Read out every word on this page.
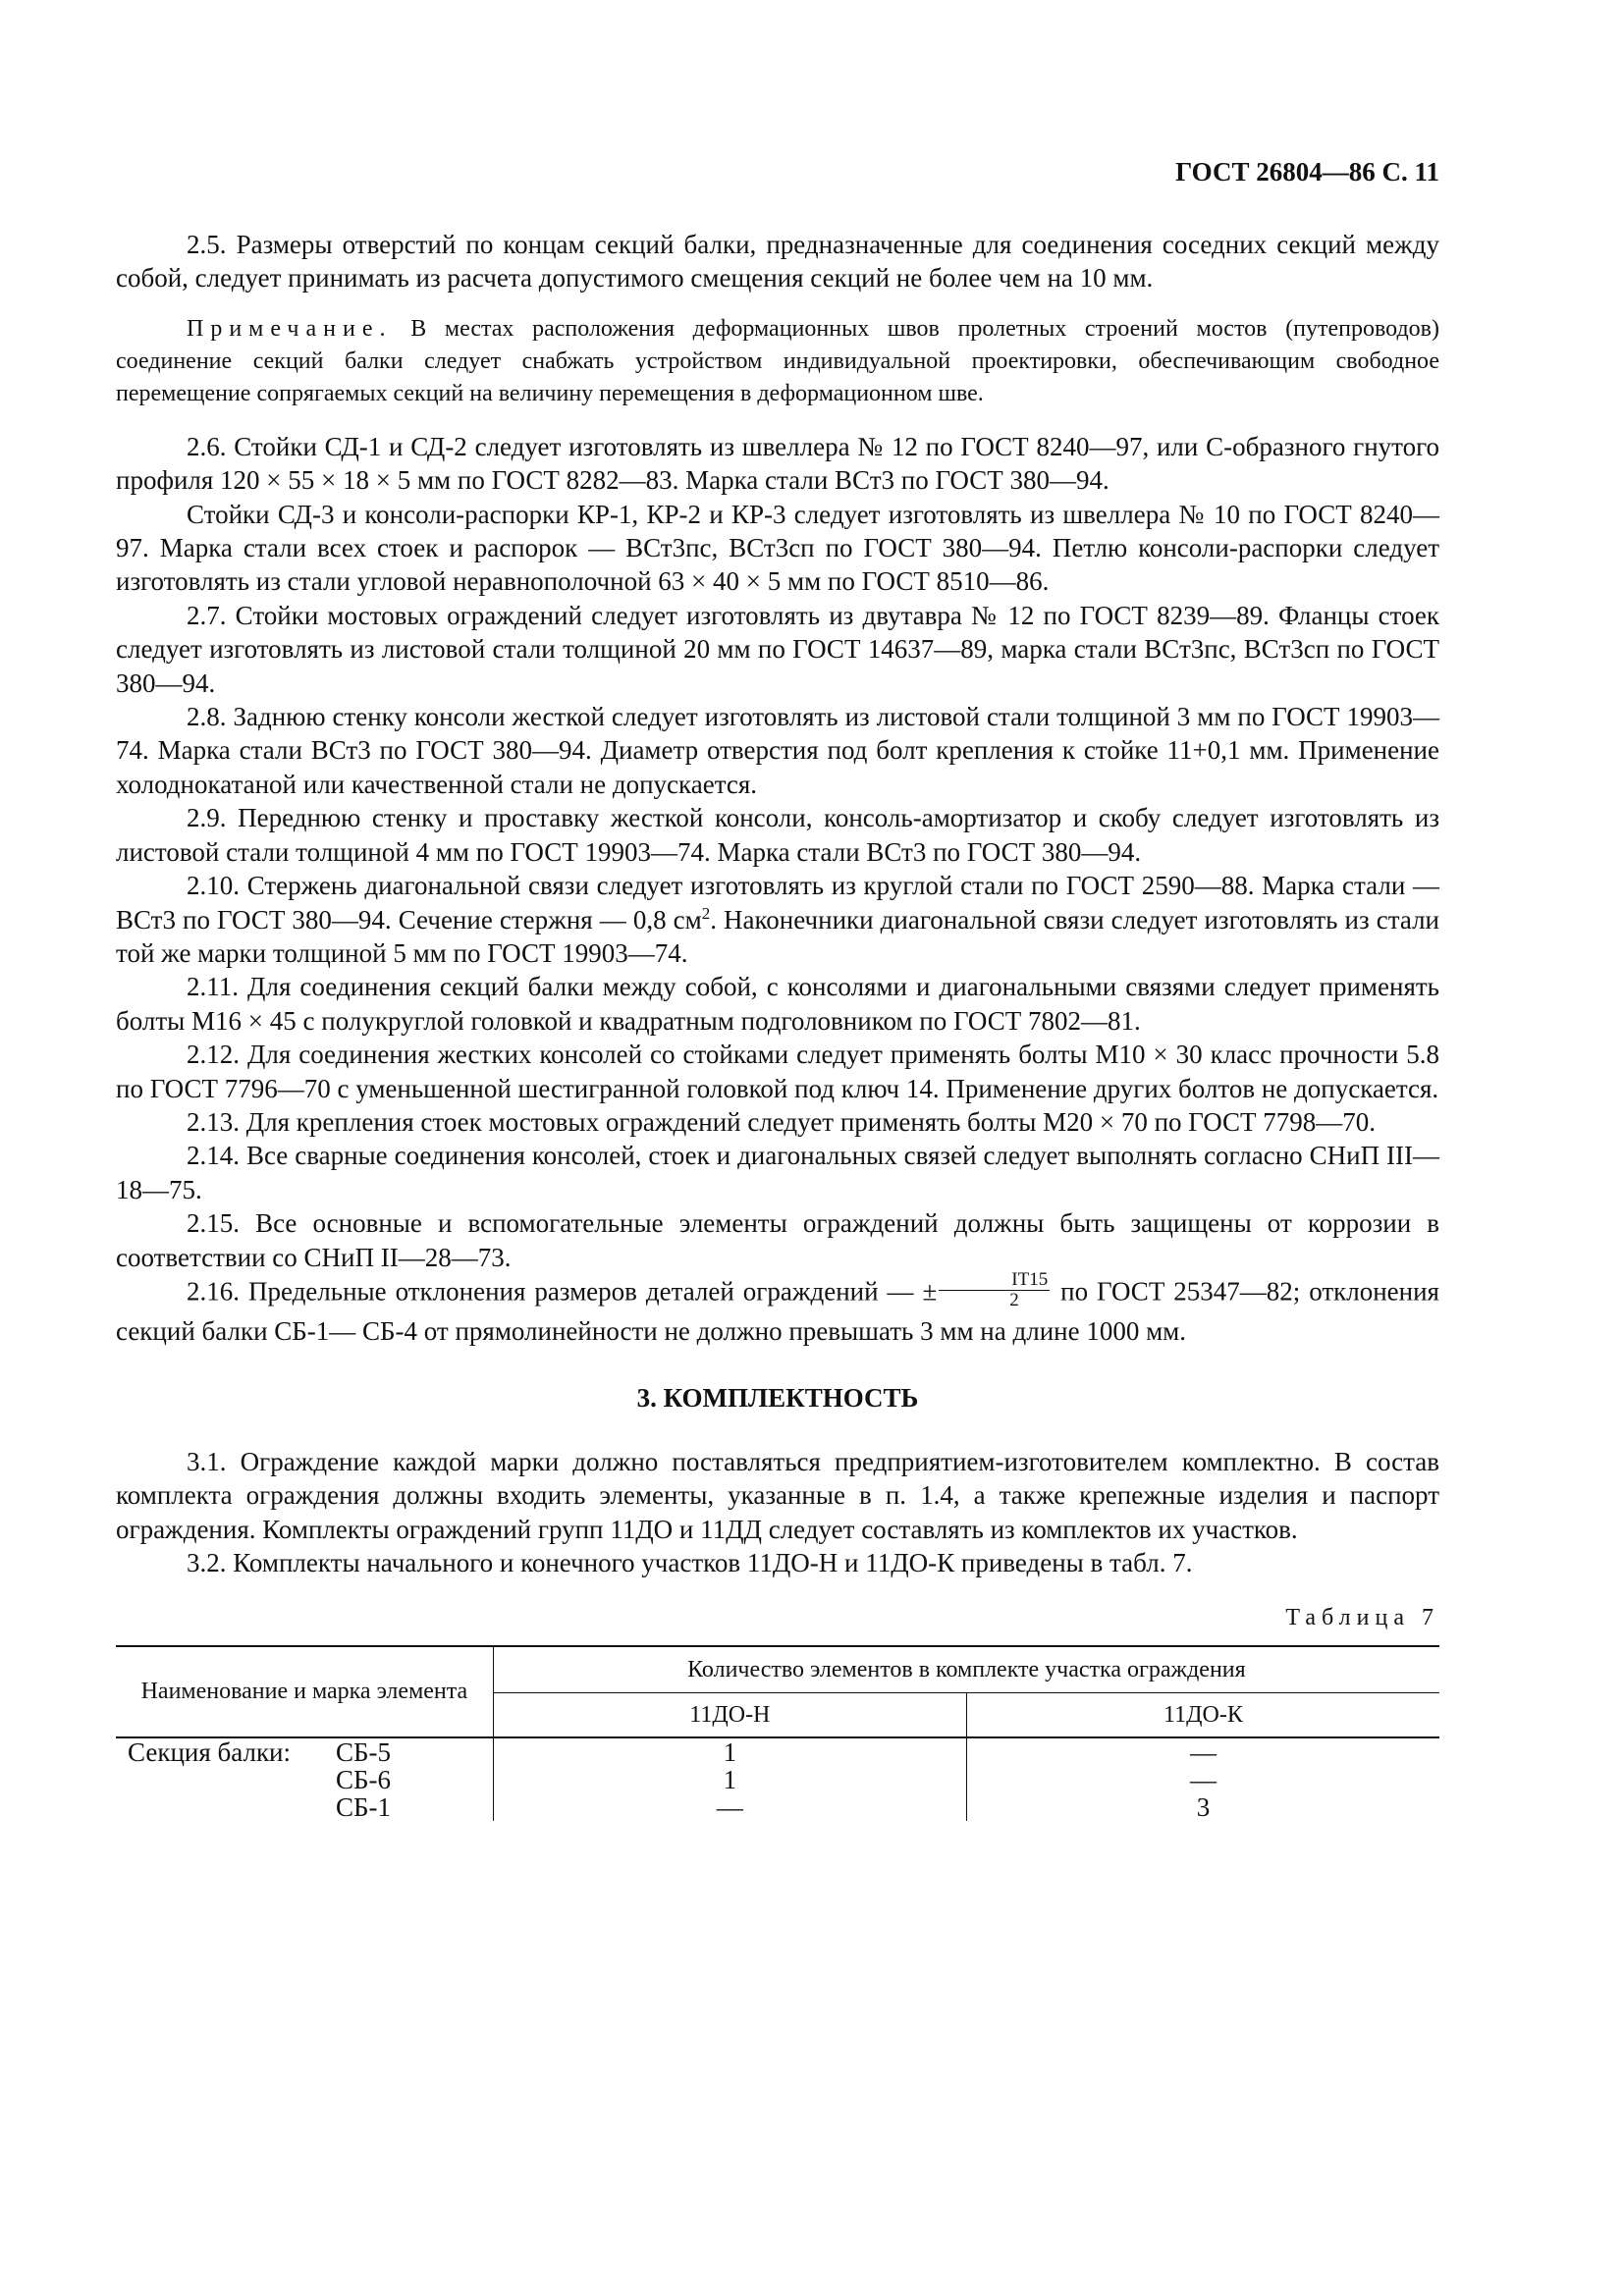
ГОСТ 26804—86 С. 11

2.5. Размеры отверстий по концам секций балки, предназначенные для соединения соседних секций между собой, следует принимать из расчета допустимого смещения секций не более чем на 10 мм.

Примечание. В местах расположения деформационных швов пролетных строений мостов (путепроводов) соединение секций балки следует снабжать устройством индивидуальной проектировки, обеспечивающим свободное перемещение сопрягаемых секций на величину перемещения в деформационном шве.

2.6. Стойки СД-1 и СД-2 следует изготовлять из швеллера № 12 по ГОСТ 8240—97, или С-образного гнутого профиля 120 × 55 × 18 × 5 мм по ГОСТ 8282—83. Марка стали ВСт3 по ГОСТ 380—94.

Стойки СД-3 и консоли-распорки КР-1, КР-2 и КР-3 следует изготовлять из швеллера № 10 по ГОСТ 8240—97. Марка стали всех стоек и распорок — ВСт3пс, ВСт3сп по ГОСТ 380—94. Петлю консоли-распорки следует изготовлять из стали угловой неравнополочной 63 × 40 × 5 мм по ГОСТ 8510—86.

2.7. Стойки мостовых ограждений следует изготовлять из двутавра № 12 по ГОСТ 8239—89. Фланцы стоек следует изготовлять из листовой стали толщиной 20 мм по ГОСТ 14637—89, марка стали ВСт3пс, ВСт3сп по ГОСТ 380—94.

2.8. Заднюю стенку консоли жесткой следует изготовлять из листовой стали толщиной 3 мм по ГОСТ 19903—74. Марка стали ВСт3 по ГОСТ 380—94. Диаметр отверстия под болт крепления к стойке 11+0,1 мм. Применение холоднокатаной или качественной стали не допускается.

2.9. Переднюю стенку и проставку жесткой консоли, консоль-амортизатор и скобу следует изготовлять из листовой стали толщиной 4 мм по ГОСТ 19903—74. Марка стали ВСт3 по ГОСТ 380—94.

2.10. Стержень диагональной связи следует изготовлять из круглой стали по ГОСТ 2590—88. Марка стали — ВСт3 по ГОСТ 380—94. Сечение стержня — 0,8 $см^2$. Наконечники диагональной связи следует изготовлять из стали той же марки толщиной 5 мм по ГОСТ 19903—74.

2.11. Для соединения секций балки между собой, с консолями и диагональными связями следует применять болты М16 × 45 с полукруглой головкой и квадратным подголовником по ГОСТ 7802—81.

2.12. Для соединения жестких консолей со стойками следует применять болты М10 × 30 класс прочности 5.8 по ГОСТ 7796—70 с уменьшенной шестигранной головкой под ключ 14. Применение других болтов не допускается.

2.13. Для крепления стоек мостовых ограждений следует применять болты М20 × 70 по ГОСТ 7798—70.

2.14. Все сварные соединения консолей, стоек и диагональных связей следует выполнять согласно СНиП III—18—75.

2.15. Все основные и вспомогательные элементы ограждений должны быть защищены от коррозии в соответствии со СНиП II—28—73.

2.16. Предельные отклонения размеров деталей ограждений — ± $\frac{IT15}{2}$ по ГОСТ 25347—82; отклонения секций балки СБ-1— СБ-4 от прямолинейности не должно превышать 3 мм на длине 1000 мм.

3. КОМПЛЕКТНОСТЬ

3.1. Ограждение каждой марки должно поставляться предприятием-изготовителем комплектно. В состав комплекта ограждения должны входить элементы, указанные в п. 1.4, а также крепежные изделия и паспорт ограждения. Комплекты ограждений групп 11ДО и 11ДД следует составлять из комплектов их участков.

3.2. Комплекты начального и конечного участков 11ДО-Н и 11ДО-К приведены в табл. 7.

Таблица 7
Наименование и марка элемента	Количество элементов в комплекте участка ограждения	
	11ДО-Н	11ДО-К
Секция балки: СБ-5	1	—
СБ-6	1	—
СБ-1	—	3
